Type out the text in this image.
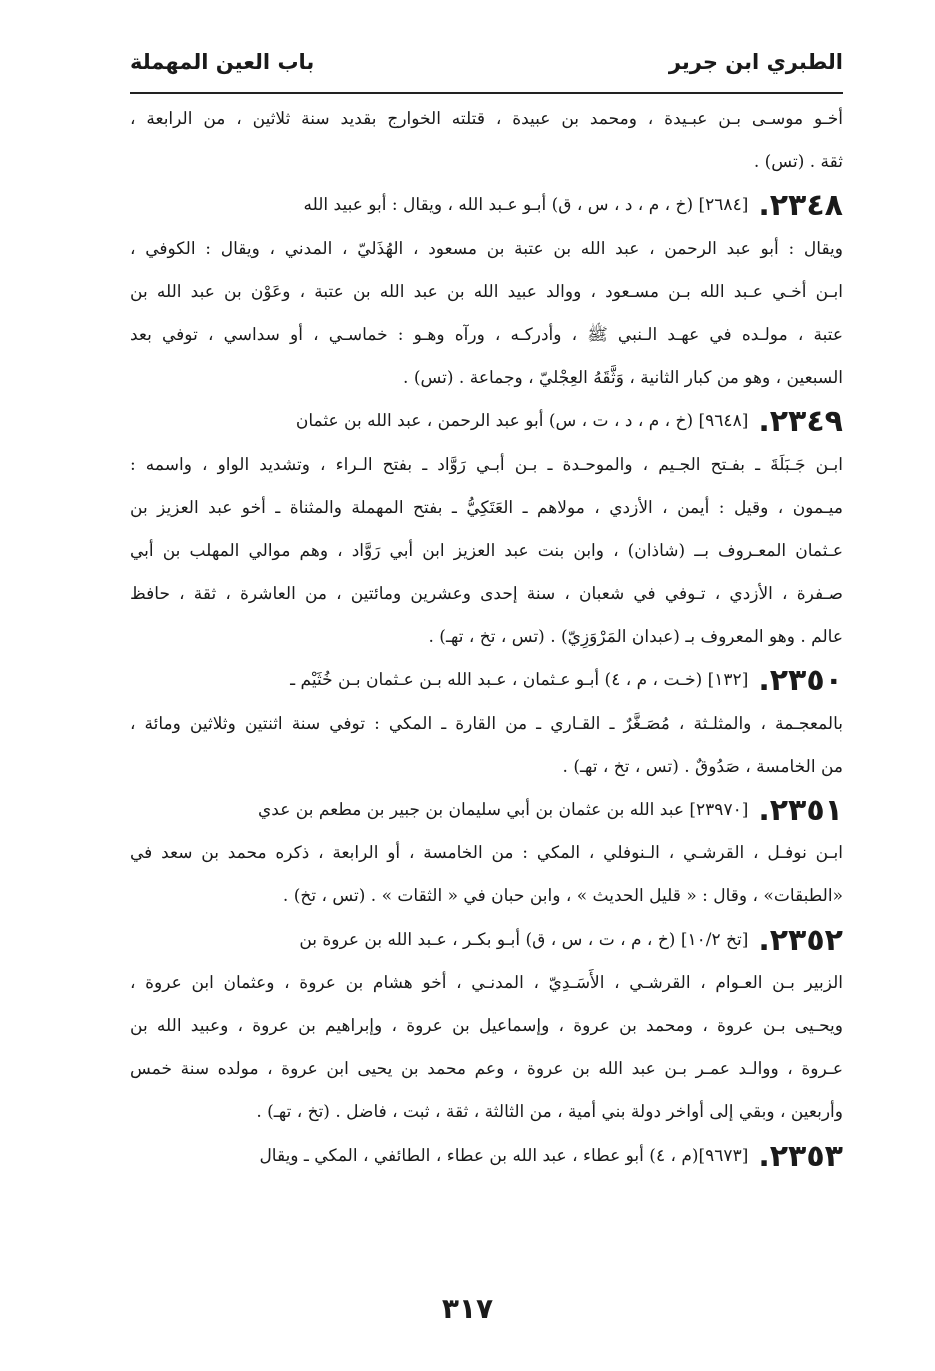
الطبري ابن جرير
باب العين المهملة
أخـو موسـى بـن عبـيدة ، ومحمد بن عبيدة ، قتلته الخوارج بقديد سنة ثلاثين ، من الرابعة ،
ثقة . (تس) .
٢٣٤٨.
[٢٦٨٤] (خ ، م ، د ، س ، ق) أبـو عـبد الله ، ويقال : أبو عبيد الله
ويقال : أبو عبد الرحمن ، عبد الله بن عتبة بن مسعود ، الهُذَليّ ، المدني ، ويقال : الكوفي ،
ابـن أخـي عـبد الله بـن مسـعود ، ووالد عبيد الله بن عبد الله بن عتبة ، وعَوْن بن عبد الله بن
عتبة ، مولـده في عهـد الـنبي ﷺ ، وأدركـه ، ورآه وهـو : خماسـي ، أو سداسي ، توفي بعد
السبعين ، وهو من كبار الثانية ، وَثَّقَهُ العِجْليّ ، وجماعة . (تس) .
٢٣٤٩.
[٩٦٤٨] (خ ، م ، د ، ت ، س) أبو عبد الرحمن ، عبد الله بن عثمان
ابـن جَـبَلَةَ ـ بفـتح الجـيم ، والموحـدة ـ بـن أبـي رَوَّاد ـ بفتح الـراء ، وتشديد الواو ، واسمه :
ميـمون ، وقيل : أيمن ، الأزدي ، مولاهم ـ العَتَكِيُّ ـ بفتح المهملة والمثناة ـ أخو عبد العزيز بن
عـثمان المعـروف بــ (شاذان) ، وابن بنت عبد العزيز ابن أبي رَوَّاد ، وهم موالي المهلب بن أبي
صـفرة ، الأزدي ، تـوفي في شعبان ، سنة إحدى وعشرين ومائتين ، من العاشرة ، ثقة ، حافظ
عالم . وهو المعروف بـ (عبدان المَرْوَزِيّ) . (تس ، تخ ، تهـ) .
٢٣٥٠.
[١٣٢] (خـت ، م ، ٤) أبـو عـثمان ، عـبد الله بـن عـثمان بـن خُثَيْم ـ
بالمعجـمة ، والمثلـثة ، مُصَـغَّرٌ ـ القـاري ـ من القارة ـ المكي : توفي سنة اثنتين وثلاثين ومائة ،
من الخامسة ، صَدُوقٌ . (تس ، تخ ، تهـ) .
٢٣٥١.
[٢٣٩٧٠] عبد الله بن عثمان بن أبي سليمان بن جبير بن مطعم بن عدي
ابـن نوفـل ، القرشـي ، الـنوفلي ، المكي : من الخامسة ، أو الرابعة ، ذكره محمد بن سعد في
«الطبقات» ، وقال : « قليل الحديث » ، وابن حبان في « الثقات » . (تس ، تخ) .
٢٣٥٢.
[تخ ١٠/٢] (خ ، م ، ت ، س ، ق) أبـو بكـر ، عـبد الله بن عروة بن
الزبير بـن العـوام ، القرشـي ، الأَسَـدِيّ ، المدنـي ، أخو هشام بن عروة ، وعثمان ابن عروة ،
ويحـيى بـن عروة ، ومحمد بن عروة ، وإسماعيل بن عروة ، وإبراهيم بن عروة ، وعبيد الله بن
عـروة ، ووالـد عمـر بـن عبد الله بن عروة ، وعم محمد بن يحيى ابن عروة ، مولده سنة خمس
وأربعين ، وبقي إلى أواخر دولة بني أمية ، من الثالثة ، ثقة ، ثبت ، فاضل . (تخ ، تهـ) .
٢٣٥٣.
[٩٦٧٣](م ، ٤) أبو عطاء ، عبد الله بن عطاء ، الطائفي ، المكي ـ ويقال
٣١٧
